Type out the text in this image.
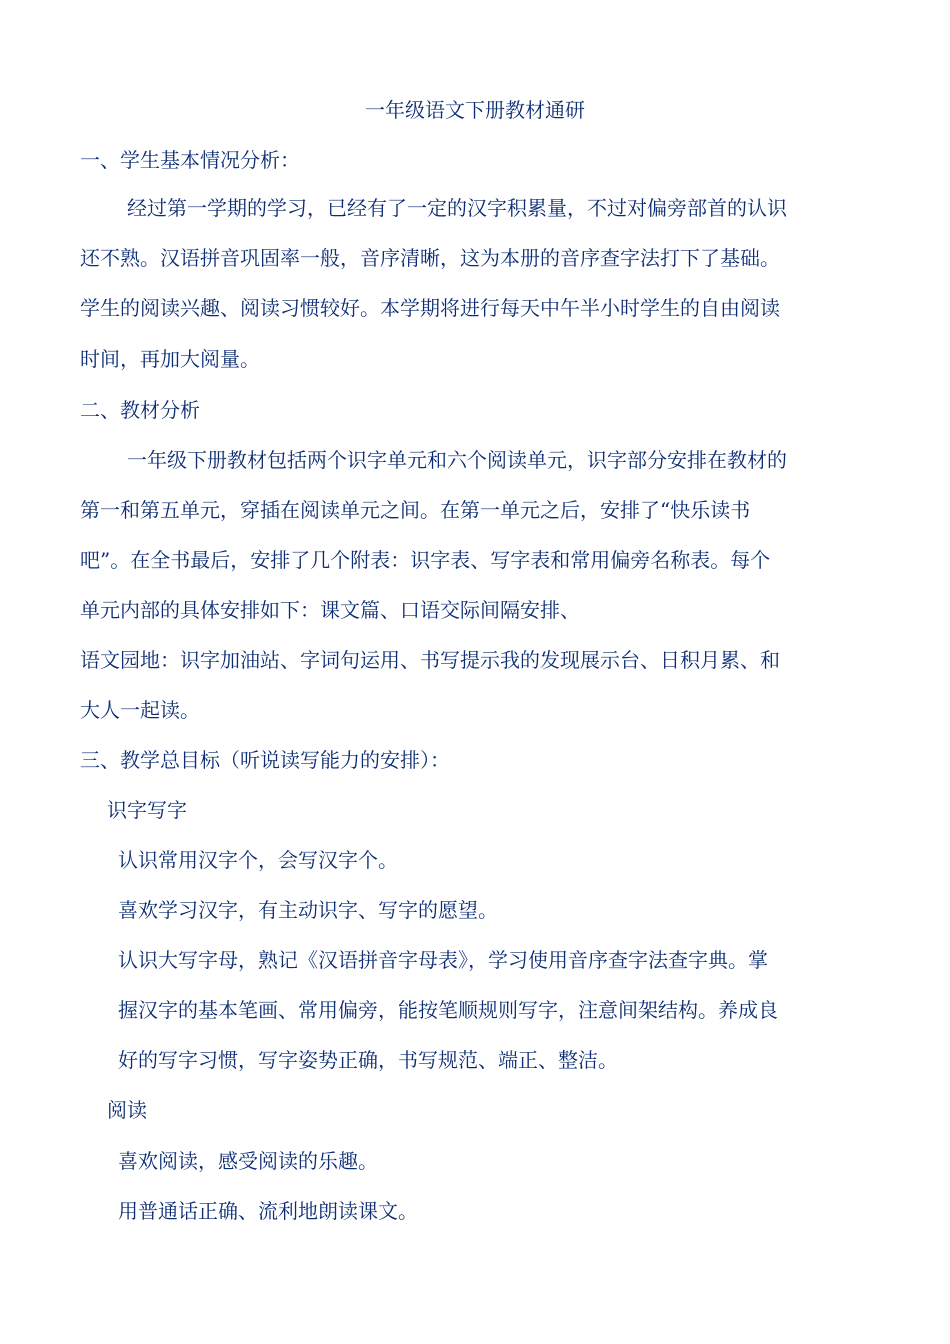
一年级语文下册教材通研
一、学生基本情况分析：
经过第一学期的学习，已经有了一定的汉字积累量，不过对偏旁部首的认识
还不熟。汉语拼音巩固率一般，音序清晰，这为本册的音序查字法打下了基础。
学生的阅读兴趣、阅读习惯较好。本学期将进行每天中午半小时学生的自由阅读
时间，再加大阅量。
二、教材分析
一年级下册教材包括两个识字单元和六个阅读单元，识字部分安排在教材的
第一和第五单元，穿插在阅读单元之间。在第一单元之后，安排了“快乐读书
吧”。在全书最后，安排了几个附表：识字表、写字表和常用偏旁名称表。每个
单元内部的具体安排如下：课文篇、口语交际间隔安排、
语文园地：识字加油站、字词句运用、书写提示我的发现展示台、日积月累、和
大人一起读。
三、教学总目标（听说读写能力的安排）：
识字写字
认识常用汉字个，会写汉字个。
喜欢学习汉字，有主动识字、写字的愿望。
认识大写字母，熟记《汉语拼音字母表》，学习使用音序查字法查字典。掌
握汉字的基本笔画、常用偏旁，能按笔顺规则写字，注意间架结构。养成良
好的写字习惯，写字姿势正确，书写规范、端正、整洁。
阅读
喜欢阅读，感受阅读的乐趣。
用普通话正确、流利地朗读课文。
